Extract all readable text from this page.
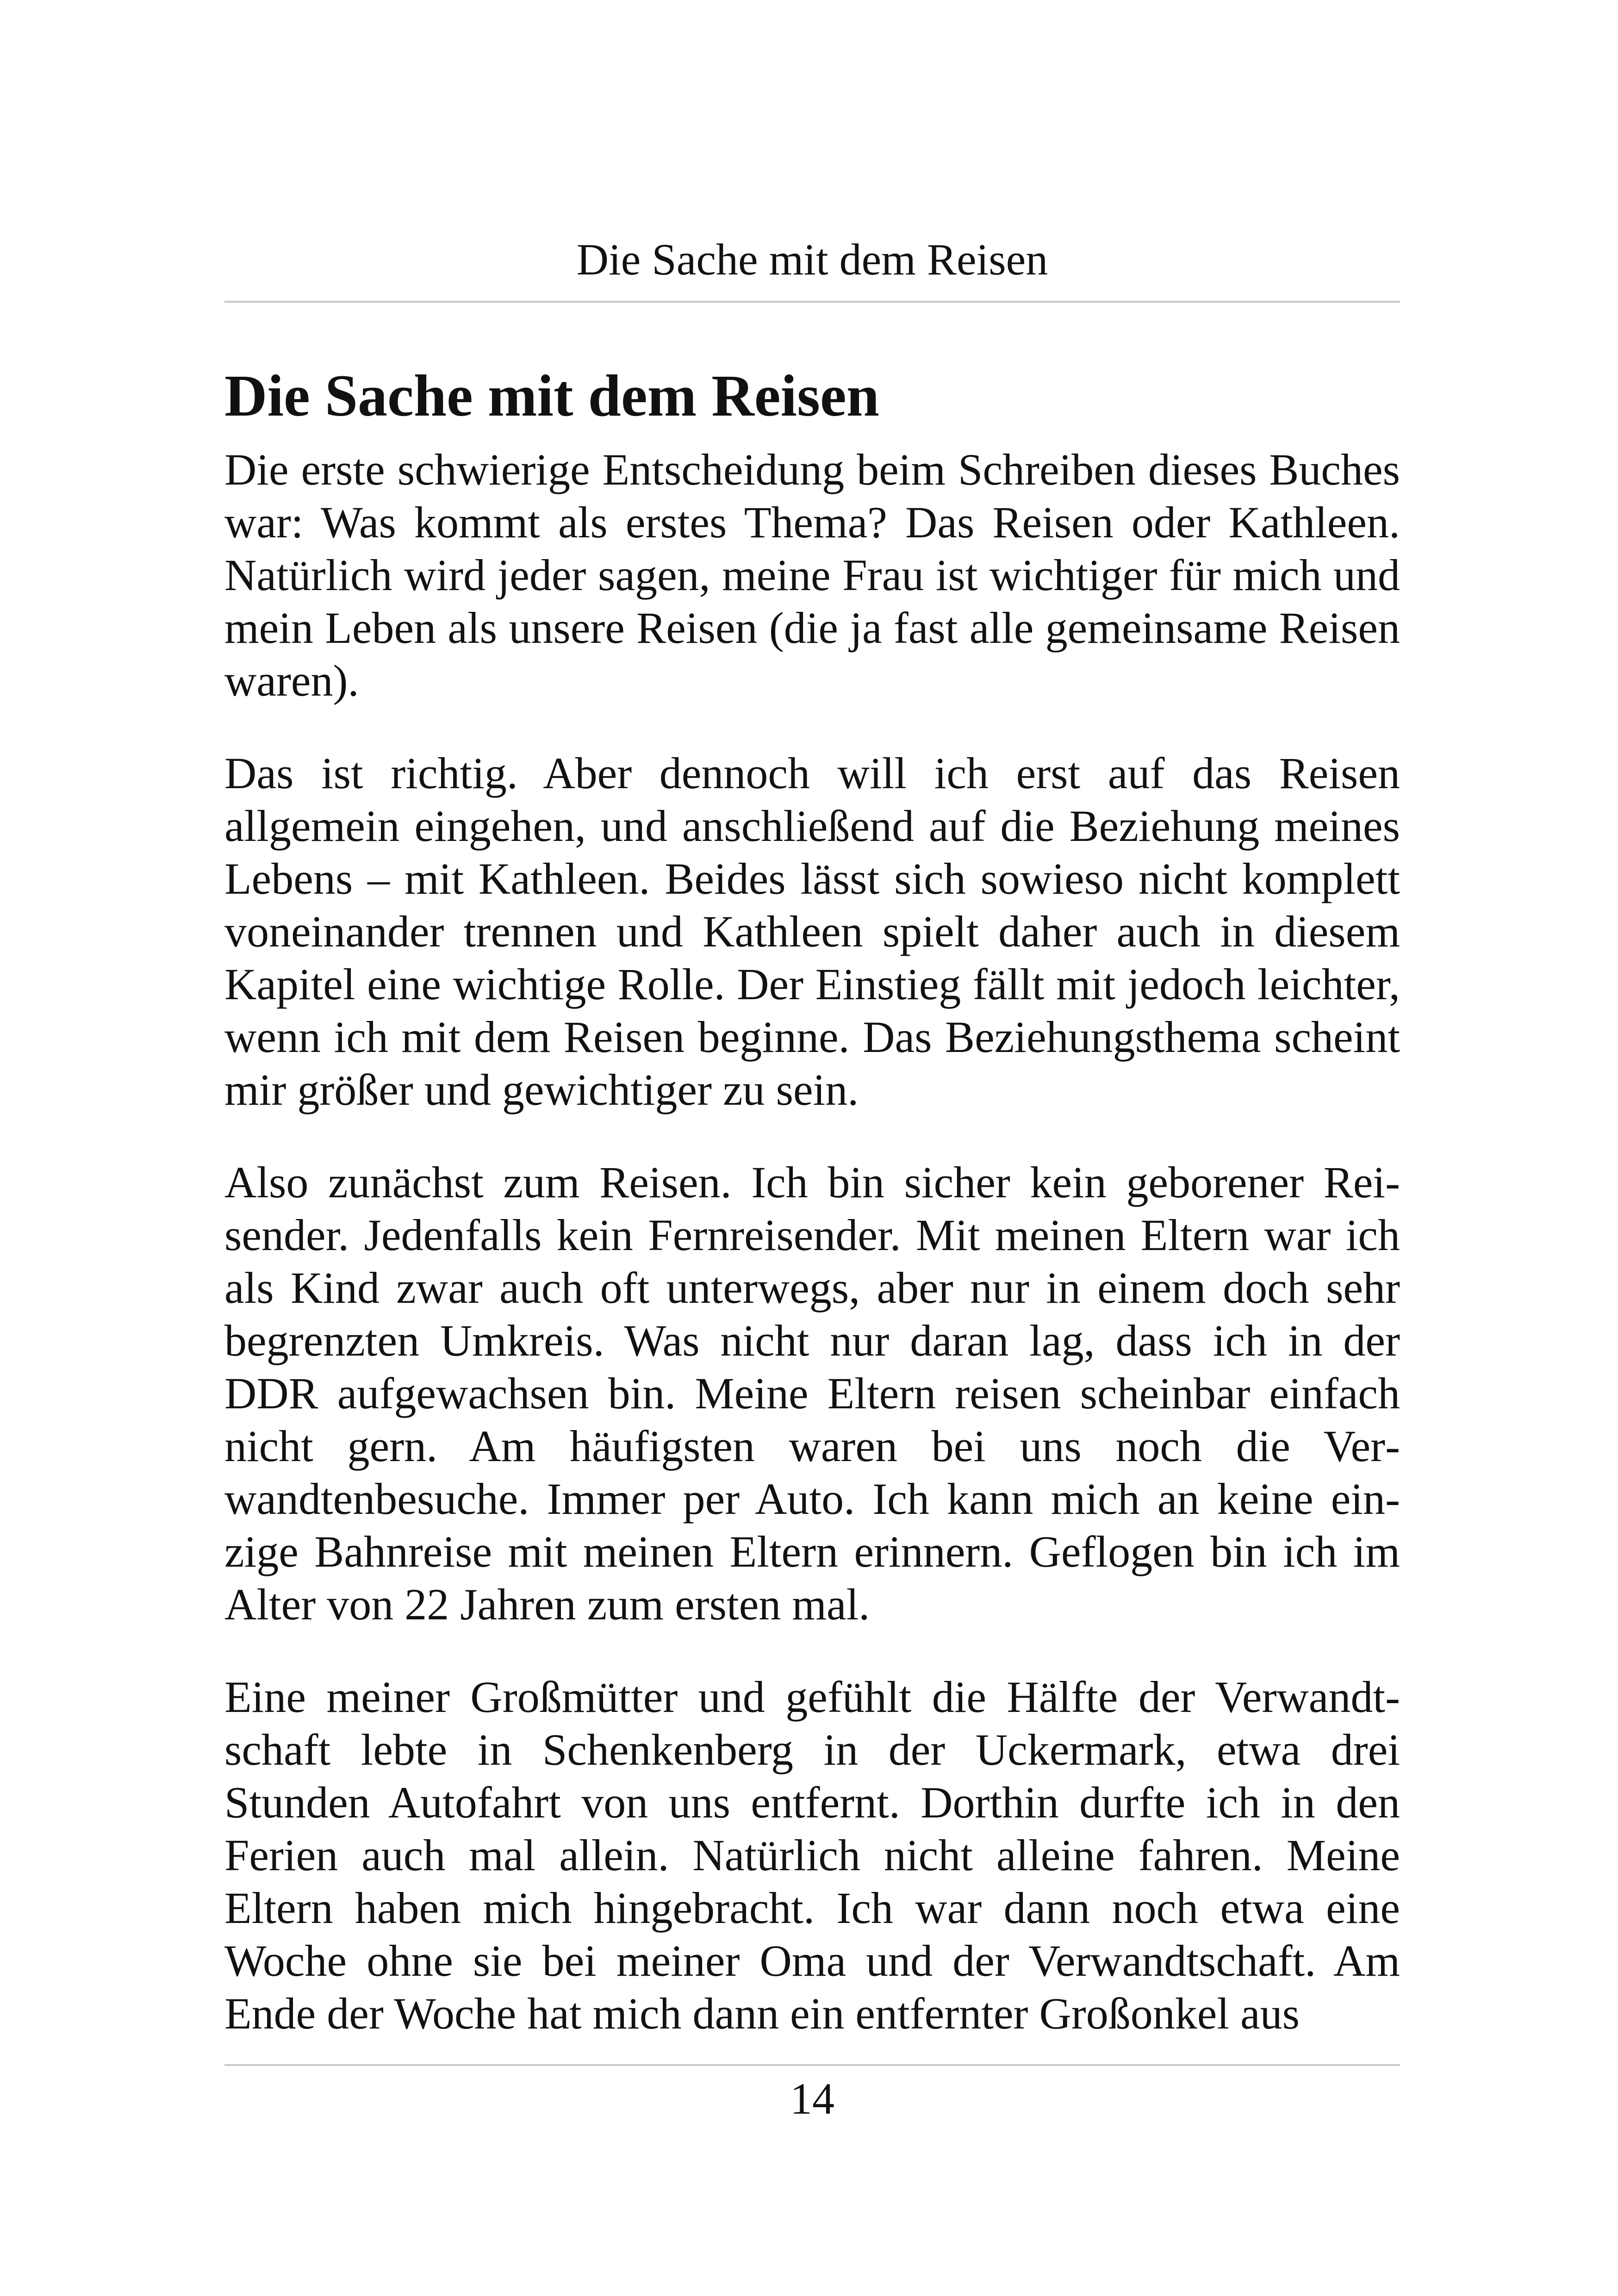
Die Sache mit dem Reisen
Die Sache mit dem Reisen

Die erste schwierige Entscheidung beim Schreiben dieses Buches war: Was kommt als erstes Thema? Das Reisen oder Kathleen. Natürlich wird jeder sagen, meine Frau ist wichtiger für mich und mein Leben als unsere Reisen (die ja fast alle gemeinsame Reisen waren).

Das ist richtig. Aber dennoch will ich erst auf das Reisen allgemein eingehen, und anschließend auf die Beziehung meines Lebens – mit Kathleen. Beides lässt sich sowieso nicht komplett voneinander trennen und Kathleen spielt daher auch in diesem Kapitel eine wichtige Rolle. Der Einstieg fällt mit jedoch leichter, wenn ich mit dem Reisen beginne. Das Beziehungsthema scheint mir größer und gewichtiger zu sein.

Also zunächst zum Reisen. Ich bin sicher kein geborener Reisender. Jedenfalls kein Fernreisender. Mit meinen Eltern war ich als Kind zwar auch oft unterwegs, aber nur in einem doch sehr begrenzten Umkreis. Was nicht nur daran lag, dass ich in der DDR aufgewachsen bin. Meine Eltern reisen scheinbar einfach nicht gern. Am häufigsten waren bei uns noch die Verwandtenbesuche. Immer per Auto. Ich kann mich an keine einzige Bahnreise mit meinen Eltern erinnern. Geflogen bin ich im Alter von 22 Jahren zum ersten mal.

Eine meiner Großmütter und gefühlt die Hälfte der Verwandtschaft lebte in Schenkenberg in der Uckermark, etwa drei Stunden Autofahrt von uns entfernt. Dorthin durfte ich in den Ferien auch mal allein. Natürlich nicht alleine fahren. Meine Eltern haben mich hingebracht. Ich war dann noch etwa eine Woche ohne sie bei meiner Oma und der Verwandtschaft. Am Ende der Woche hat mich dann ein entfernter Großonkel aus

14
